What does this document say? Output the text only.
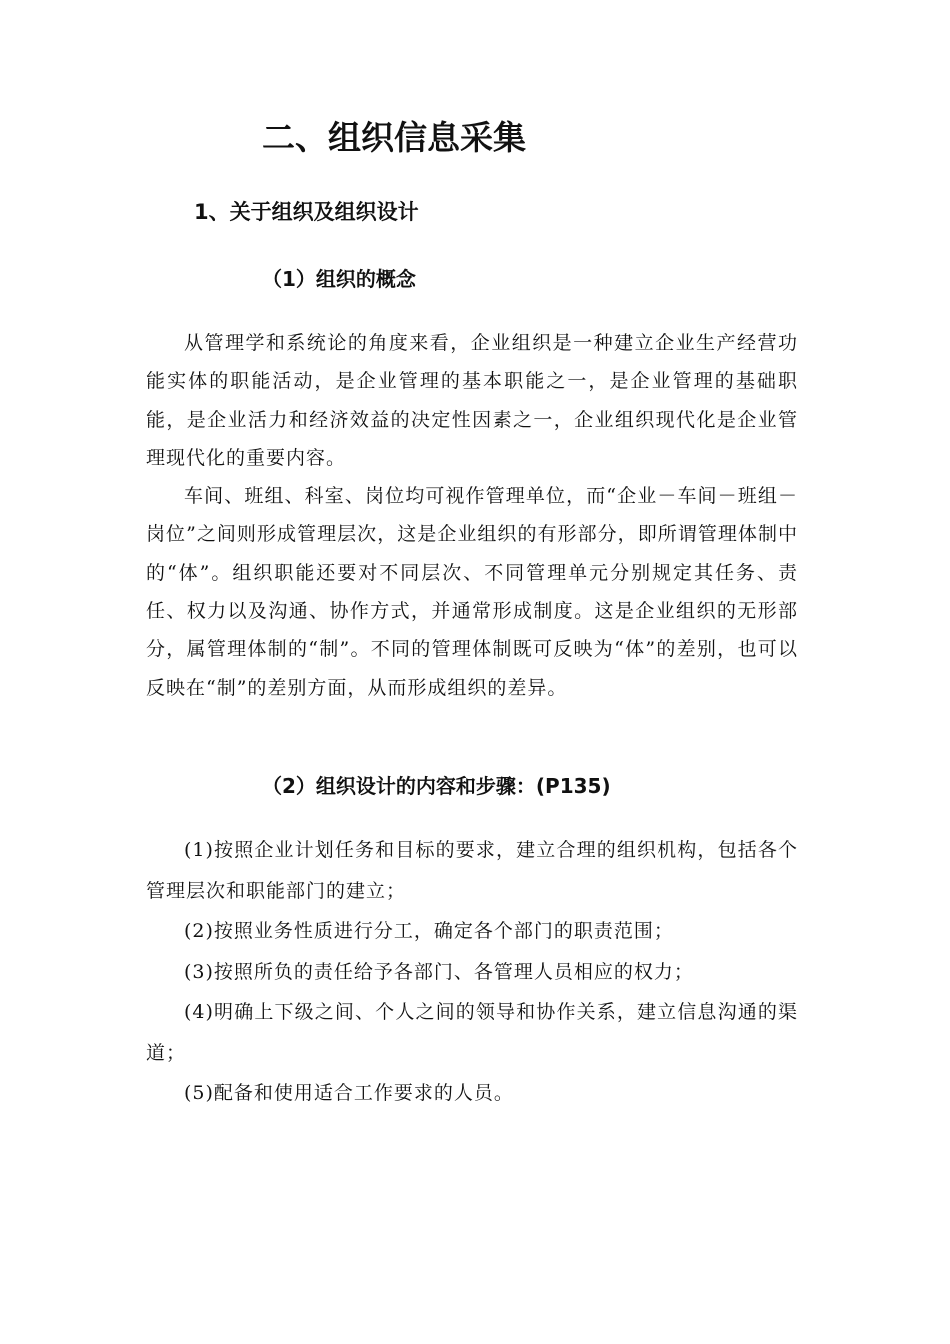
二、组织信息采集
1、关于组织及组织设计
（1）组织的概念

从管理学和系统论的角度来看，企业组织是一种建立企业生产经营功能实体的职能活动，是企业管理的基本职能之一，是企业管理的基础职能，是企业活力和经济效益的决定性因素之一，企业组织现代化是企业管理现代化的重要内容。

车间、班组、科室、岗位均可视作管理单位，而“企业－车间－班组－岗位”之间则形成管理层次，这是企业组织的有形部分，即所谓管理体制中的“体”。组织职能还要对不同层次、不同管理单元分别规定其任务、责任、权力以及沟通、协作方式，并通常形成制度。这是企业组织的无形部分，属管理体制的“制”。不同的管理体制既可反映为“体”的差别，也可以反映在“制”的差别方面，从而形成组织的差异。

（2）组织设计的内容和步骤：(P135)

(1)按照企业计划任务和目标的要求，建立合理的组织机构，包括各个管理层次和职能部门的建立；

(2)按照业务性质进行分工，确定各个部门的职责范围；

(3)按照所负的责任给予各部门、各管理人员相应的权力；

(4)明确上下级之间、个人之间的领导和协作关系，建立信息沟通的渠道；

(5)配备和使用适合工作要求的人员。
